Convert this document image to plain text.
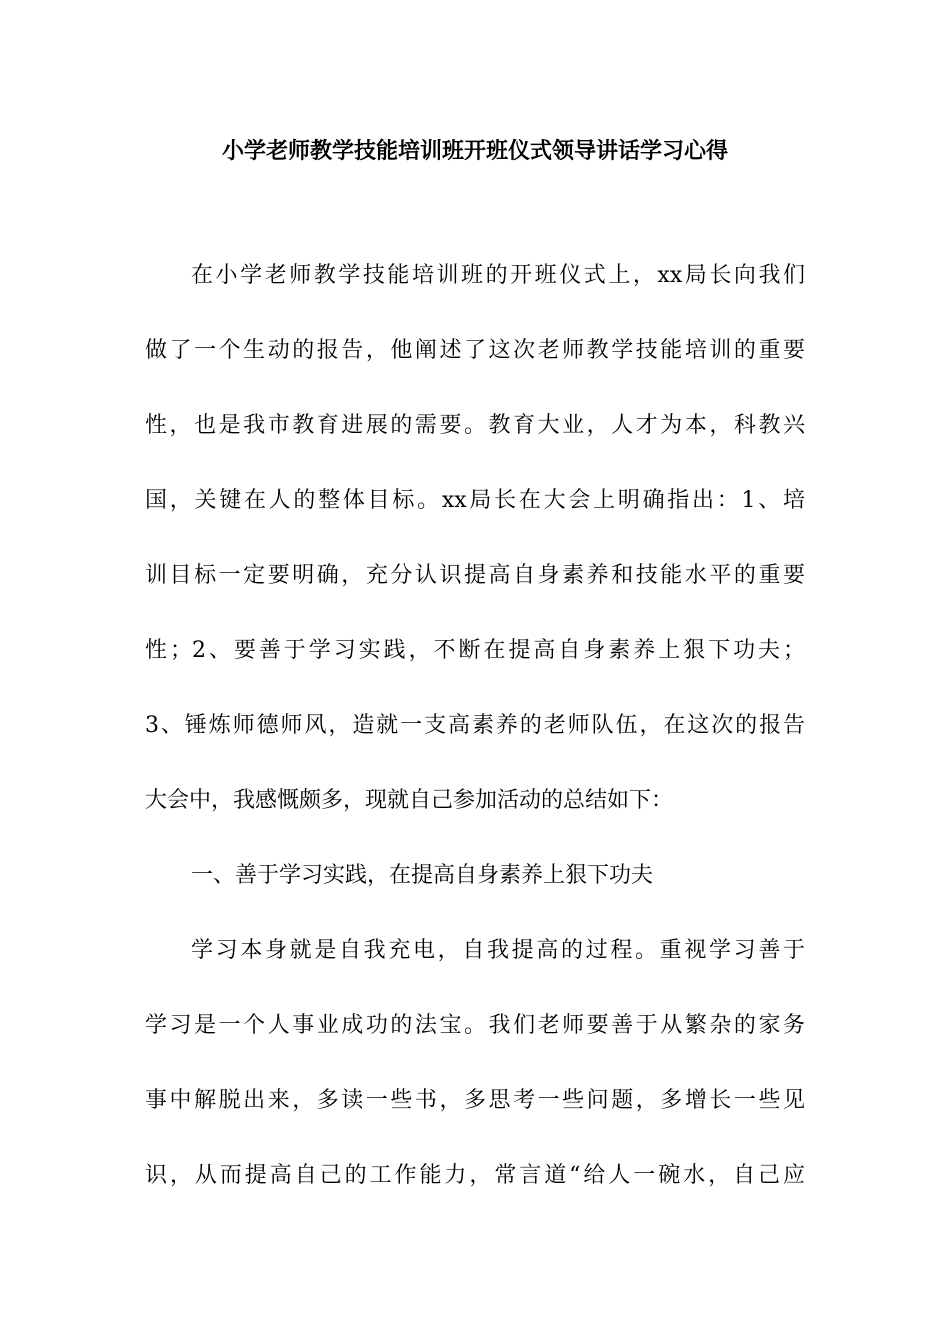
小学老师教学技能培训班开班仪式领导讲话学习心得
在小学老师教学技能培训班的开班仪式上，xx局长向我们
做了一个生动的报告，他阐述了这次老师教学技能培训的重要
性，也是我市教育进展的需要。教育大业，人才为本，科教兴
国，关键在人的整体目标。xx局长在大会上明确指出：1、培
训目标一定要明确，充分认识提高自身素养和技能水平的重要
性；2、要善于学习实践，不断在提高自身素养上狠下功夫；
3、锤炼师德师风，造就一支高素养的老师队伍，在这次的报告
大会中，我感慨颇多，现就自己参加活动的总结如下：
一、善于学习实践，在提高自身素养上狠下功夫
学习本身就是自我充电，自我提高的过程。重视学习善于
学习是一个人事业成功的法宝。我们老师要善于从繁杂的家务
事中解脱出来，多读一些书，多思考一些问题，多增长一些见
识，从而提高自己的工作能力，常言道“给人一碗水，自己应
